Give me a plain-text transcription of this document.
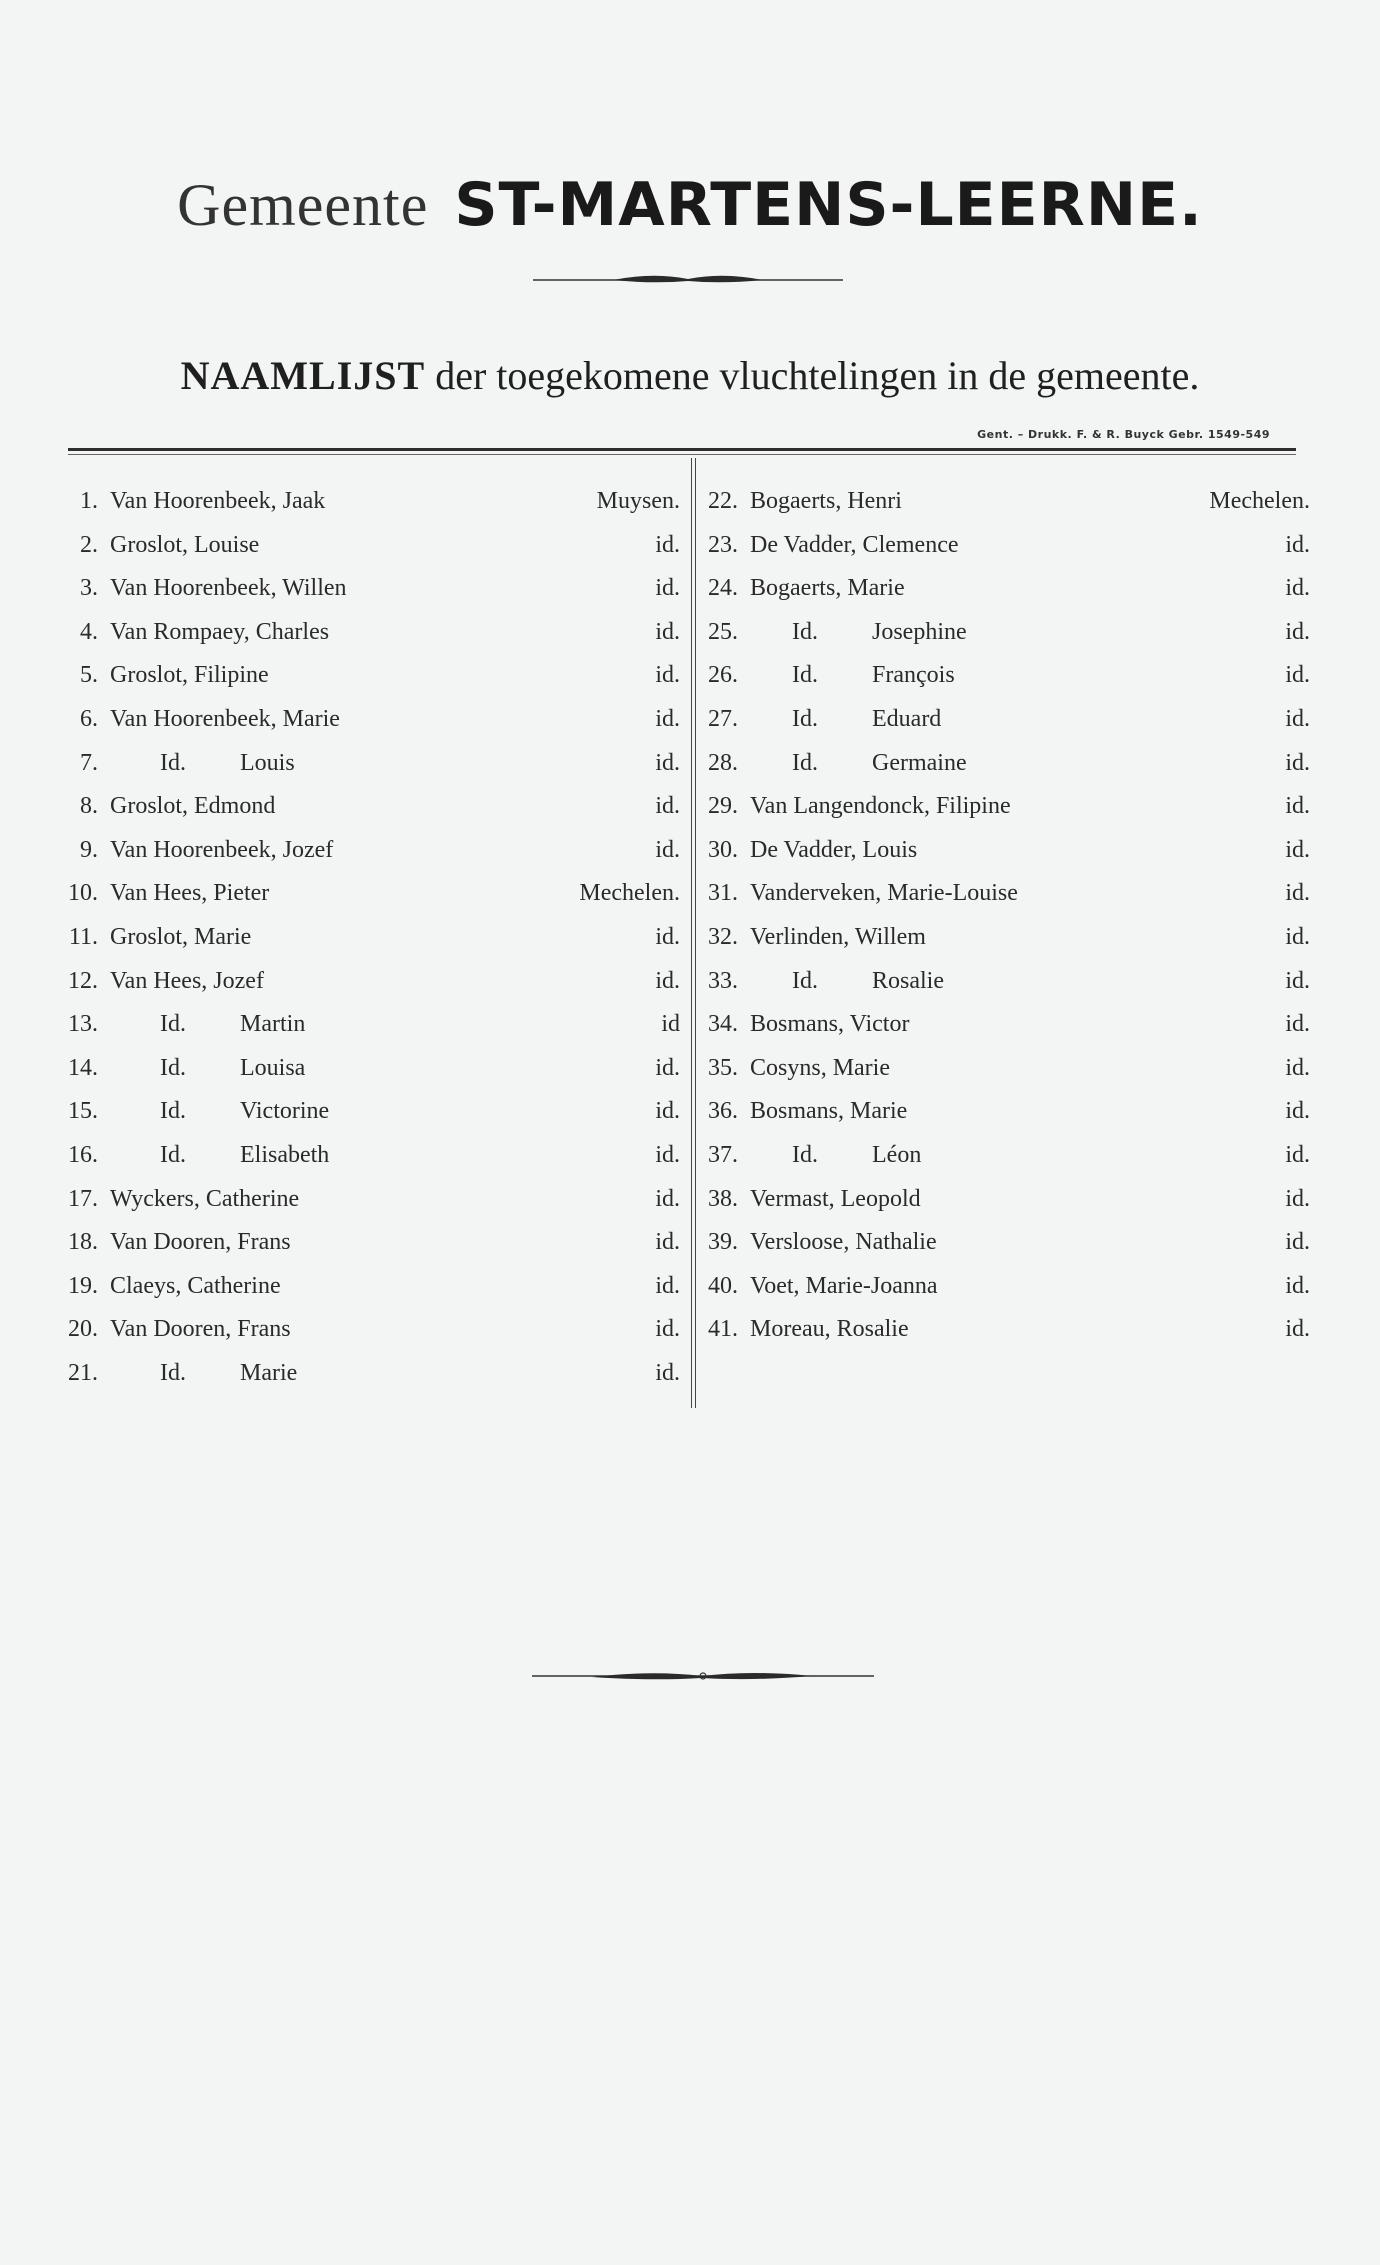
Gemeente ST-MARTENS-LEERNE.
NAAMLIJST der toegekomene vluchtelingen in de gemeente.
Gent. – Drukk. F. & R. Buyck Gebr. 1549-549
1. Van Hoorenbeek, Jaak	Muysen.
2. Groslot, Louise	id.
3. Van Hoorenbeek, Willen	id.
4. Van Rompaey, Charles	id.
5. Groslot, Filipine	id.
6. Van Hoorenbeek, Marie	id.
7.	Id. Louis	id.
8. Groslot, Edmond	id.
9. Van Hoorenbeek, Jozef	id.
10. Van Hees, Pieter	Mechelen.
11. Groslot, Marie	id.
12. Van Hees, Jozef	id.
13.	Id. Martin	id
14.	Id. Louisa	id.
15.	Id. Victorine	id.
16.	Id. Elisabeth	id.
17. Wyckers, Catherine	id.
18. Van Dooren, Frans	id.
19. Claeys, Catherine	id.
20. Van Dooren, Frans	id.
21.	Id. Marie	id.
22. Bogaerts, Henri	Mechelen.
23. De Vadder, Clemence	id.
24. Bogaerts, Marie	id.
25. Id. Josephine	id.
26. Id. François	id.
27. Id. Eduard	id.
28. Id. Germaine	id.
29. Van Langendonck, Filipine	id.
30. De Vadder, Louis	id.
31. Vanderveken, Marie-Louise	id.
32. Verlinden, Willem	id.
33. Id. Rosalie	id.
34. Bosmans, Victor	id.
35. Cosyns, Marie	id.
36. Bosmans, Marie	id.
37. Id. Léon	id.
38. Vermast, Leopold	id.
39. Versloose, Nathalie	id.
40. Voet, Marie-Joanna	id.
41. Moreau, Rosalie	id.
